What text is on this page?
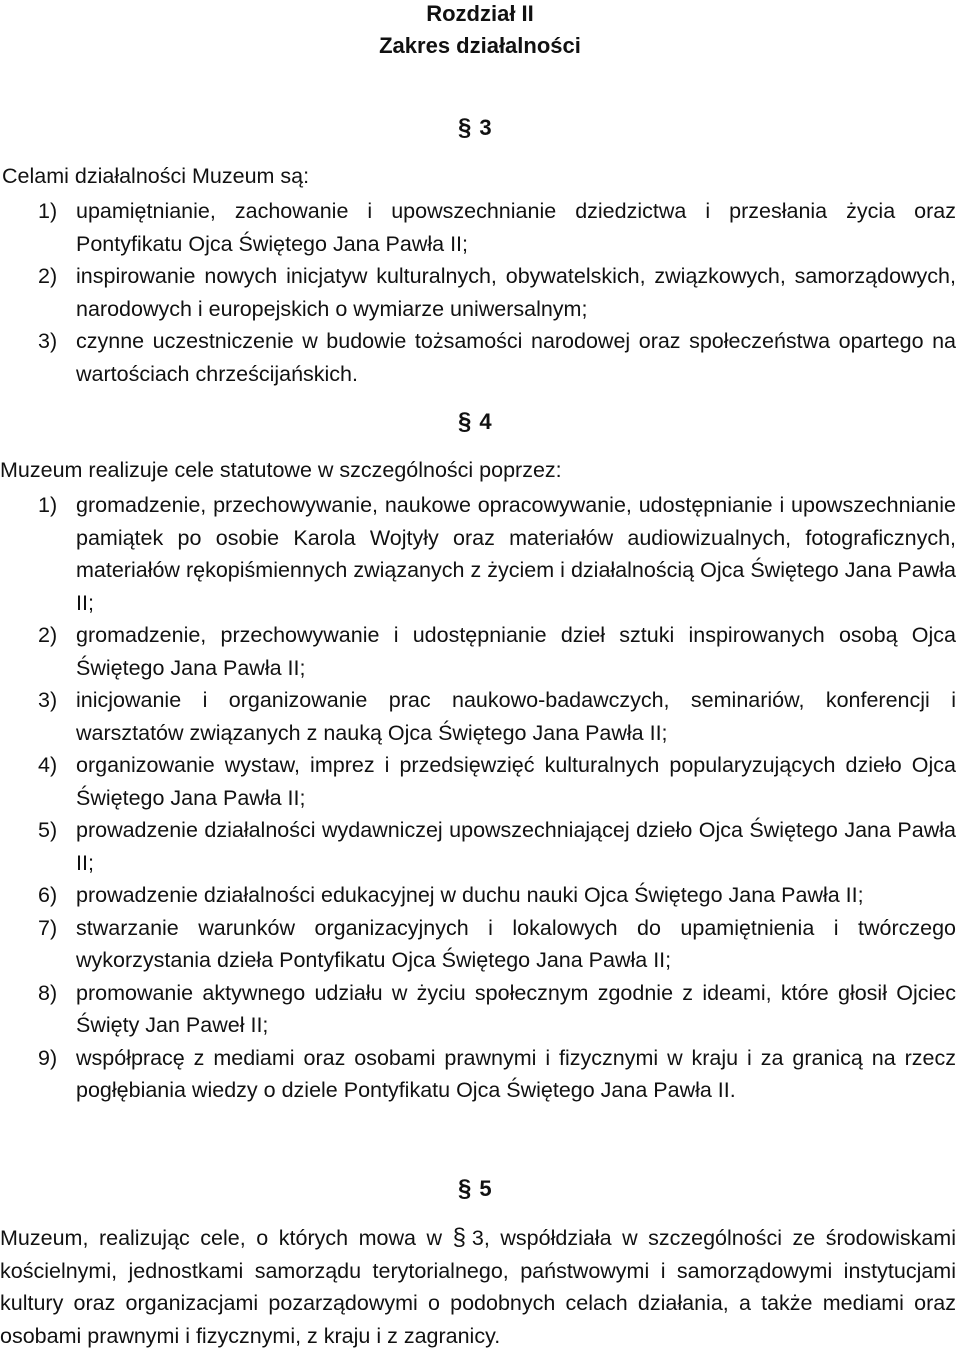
Rozdział II
Zakres działalności
§ 3
Celami działalności Muzeum są:
1) upamiętnianie, zachowanie i upowszechnianie dziedzictwa i przesłania życia oraz Pontyfikatu Ojca Świętego Jana Pawła II;
2) inspirowanie nowych inicjatyw kulturalnych, obywatelskich, związkowych, samorządowych, narodowych i europejskich o wymiarze uniwersalnym;
3) czynne uczestniczenie w budowie tożsamości narodowej oraz społeczeństwa opartego na wartościach chrześcijańskich.
§ 4
Muzeum realizuje cele statutowe w szczególności poprzez:
1) gromadzenie, przechowywanie, naukowe opracowywanie, udostępnianie i upowszechnianie pamiątek po osobie Karola Wojtyły oraz materiałów audiowizualnych, fotograficznych, materiałów rękopiśmiennych związanych z życiem i działalnością Ojca Świętego Jana Pawła II;
2) gromadzenie, przechowywanie i udostępnianie dzieł sztuki inspirowanych osobą Ojca Świętego Jana Pawła II;
3) inicjowanie i organizowanie prac naukowo-badawczych, seminariów, konferencji i warsztatów związanych z nauką Ojca Świętego Jana Pawła II;
4) organizowanie wystaw, imprez i przedsięwzięć kulturalnych popularyzujących dzieło Ojca Świętego Jana Pawła II;
5) prowadzenie działalności wydawniczej upowszechniającej dzieło Ojca Świętego Jana Pawła II;
6) prowadzenie działalności edukacyjnej w duchu nauki Ojca Świętego Jana Pawła II;
7) stwarzanie warunków organizacyjnych i lokalowych do upamiętnienia i twórczego wykorzystania dzieła Pontyfikatu Ojca Świętego Jana Pawła II;
8) promowanie aktywnego udziału w życiu społecznym zgodnie z ideami, które głosił Ojciec Święty Jan Paweł II;
9) współpracę z mediami oraz osobami prawnymi i fizycznymi w kraju i za granicą na rzecz pogłębiania wiedzy o dziele Pontyfikatu Ojca Świętego Jana Pawła II.
§ 5
Muzeum, realizując cele, o których mowa w § 3, współdziała w szczególności ze środowiskami kościelnymi, jednostkami samorządu terytorialnego, państwowymi i samorządowymi instytucjami kultury oraz organizacjami pozarządowymi o podobnych celach działania, a także mediami oraz osobami prawnymi i fizycznymi, z kraju i z zagranicy.
